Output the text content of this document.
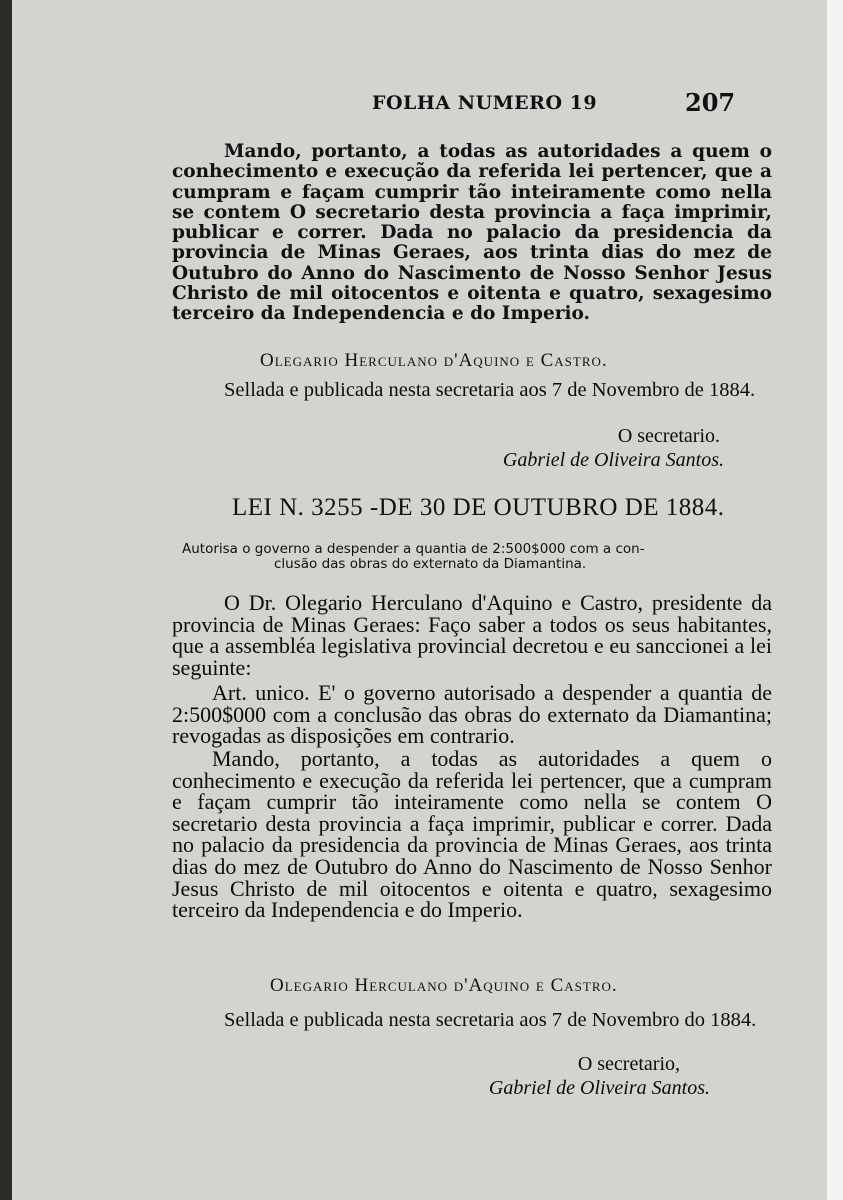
FOLHA NUMERO 19	207

Mando, portanto, a todas as autoridades a quem o conhecimento e execução da referida lei pertencer, que a cumpram e façam cumprir tão inteiramente como nella se contem O secretario desta provincia a faça imprimir, publicar e correr. Dada no palacio da presidencia da provincia de Minas Geraes, aos trinta dias do mez de Outubro do Anno do Nascimento de Nosso Senhor Jesus Christo de mil oitocentos e oitenta e quatro, sexagesimo terceiro da Independencia e do Imperio.

Olegario Herculano d'Aquino e Castro.

Sellada e publicada nesta secretaria aos 7 de Novembro de 1884.

O secretario.
Gabriel de Oliveira Santos.
LEI N. 3255 -DE 30 DE OUTUBRO DE 1884.
Autorisa o governo a despender a quantia de 2:500$000 com a con-
clusão das obras do externato da Diamantina.

O Dr. Olegario Herculano d'Aquino e Castro, presidente da provincia de Minas Geraes: Faço saber a todos os seus habitantes, que a assembléa legislativa provincial decretou e eu sanccionei a lei seguinte:

Art. unico. E' o governo autorisado a despender a quantia de 2:500$000 com a conclusão das obras do externato da Diamantina; revogadas as disposições em contrario.

Mando, portanto, a todas as autoridades a quem o conhecimento e execução da referida lei pertencer, que a cumpram e façam cumprir tão inteiramente como nella se contem O secretario desta provincia a faça imprimir, publicar e correr. Dada no palacio da presidencia da provincia de Minas Geraes, aos trinta dias do mez de Outubro do Anno do Nascimento de Nosso Senhor Jesus Christo de mil oitocentos e oitenta e quatro, sexagesimo terceiro da Independencia e do Imperio.

Olegario Herculano d'Aquino e Castro.

Sellada e publicada nesta secretaria aos 7 de Novembro do 1884.

O secretario,
Gabriel de Oliveira Santos.
